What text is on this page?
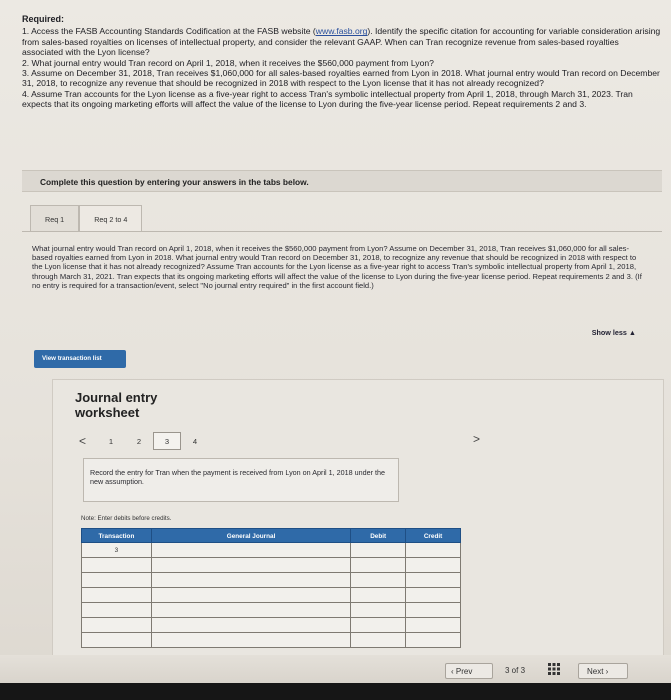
Required:
1. Access the FASB Accounting Standards Codification at the FASB website (www.fasb.org). Identify the specific citation for accounting for variable consideration arising from sales-based royalties on licenses of intellectual property, and consider the relevant GAAP. When can Tran recognize revenue from sales-based royalties associated with the Lyon license?
2. What journal entry would Tran record on April 1, 2018, when it receives the $560,000 payment from Lyon?
3. Assume on December 31, 2018, Tran receives $1,060,000 for all sales-based royalties earned from Lyon in 2018. What journal entry would Tran record on December 31, 2018, to recognize any revenue that should be recognized in 2018 with respect to the Lyon license that it has not already recognized?
4. Assume Tran accounts for the Lyon license as a five-year right to access Tran's symbolic intellectual property from April 1, 2018, through March 31, 2023. Tran expects that its ongoing marketing efforts will affect the value of the license to Lyon during the five-year license period. Repeat requirements 2 and 3.
Complete this question by entering your answers in the tabs below.
Req 1	Req 2 to 4
What journal entry would Tran record on April 1, 2018, when it receives the $560,000 payment from Lyon? Assume on December 31, 2018, Tran receives $1,060,000 for all sales-based royalties earned from Lyon in 2018. What journal entry would Tran record on December 31, 2018, to recognize any revenue that should be recognized in 2018 with respect to the Lyon license that it has not already recognized? Assume Tran accounts for the Lyon license as a five-year right to access Tran's symbolic intellectual property from April 1, 2018, through March 31, 2021. Tran expects that its ongoing marketing efforts will affect the value of the license to Lyon during the five-year license period. Repeat requirements 2 and 3. (If no entry is required for a transaction/event, select "No journal entry required" in the first account field.)
Show less ▲
View transaction list
Journal entry worksheet
<	1	2	3	4	>
Record the entry for Tran when the payment is received from Lyon on April 1, 2018 under the new assumption.
Note: Enter debits before credits.
Transaction	General Journal	Debit	Credit
3			

‹ Prev	3 of 3	Next ›
